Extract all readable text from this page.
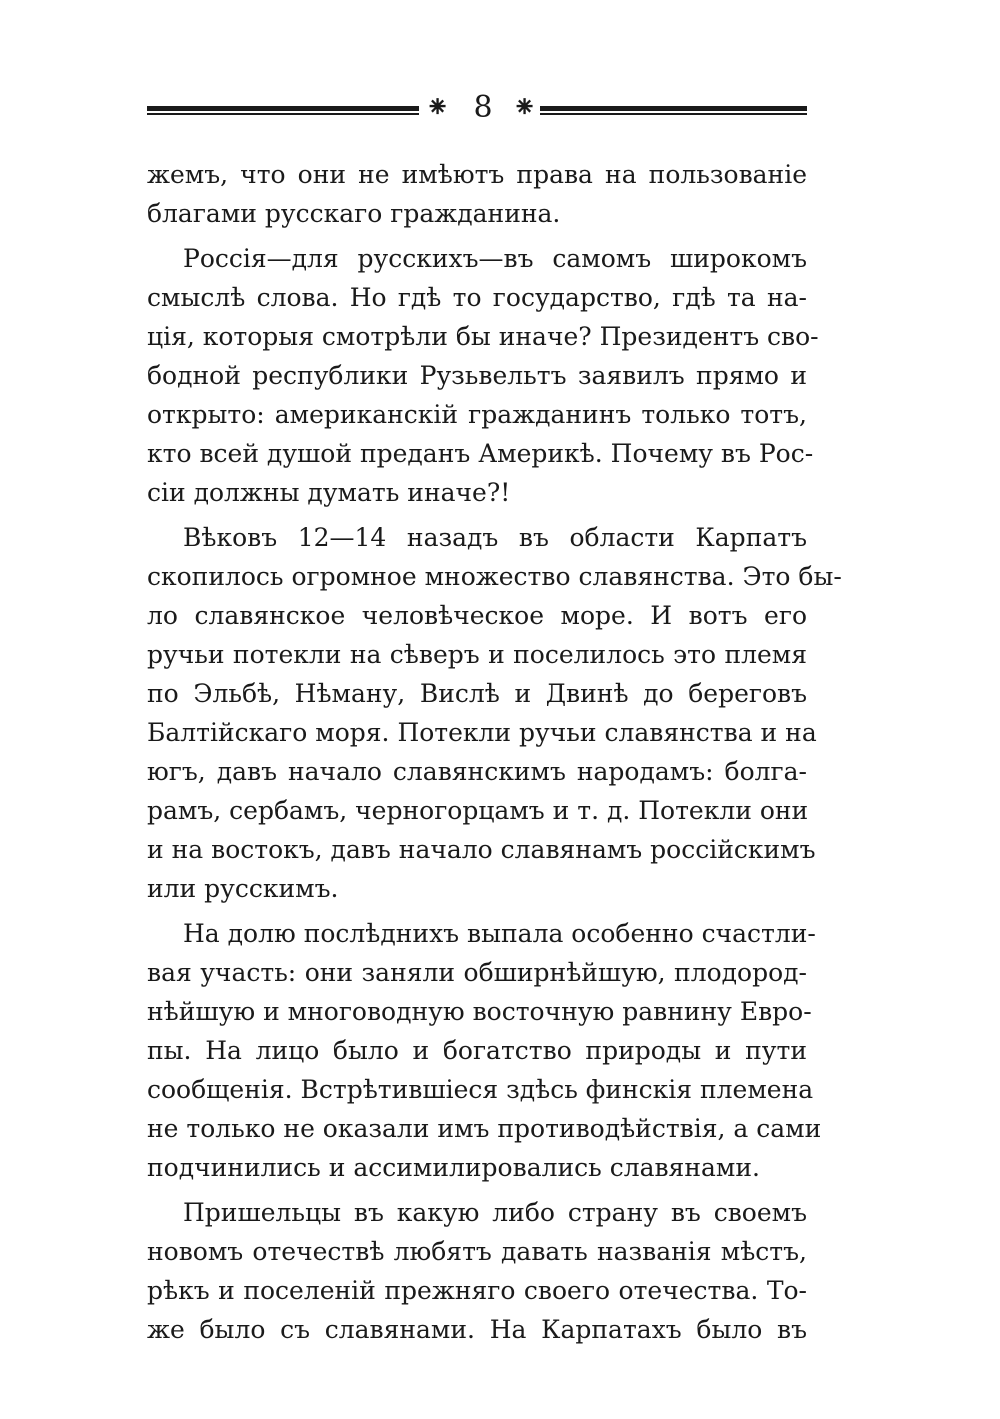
⁕ 8 ⁕

жемъ, что они не имѣютъ права на пользованіе
благами русскаго гражданина.

Россія—для русскихъ—въ самомъ широкомъ
смыслѣ слова. Но гдѣ то государство, гдѣ та на-
ція, которыя смотрѣли бы иначе? Президентъ сво-
бодной республики Рузьвельтъ заявилъ прямо и
открыто: американскій гражданинъ только тотъ,
кто всей душой преданъ Америкѣ. Почему въ Рос-
сіи должны думать иначе?!

Вѣковъ 12—14 назадъ въ области Карпатъ
скопилось огромное множество славянства. Это бы-
ло славянское человѣческое море. И вотъ его
ручьи потекли на сѣверъ и поселилось это племя
по Эльбѣ, Нѣману, Вислѣ и Двинѣ до береговъ
Балтійскаго моря. Потекли ручьи славянства и на
югъ, давъ начало славянскимъ народамъ: болга-
рамъ, сербамъ, черногорцамъ и т. д. Потекли они
и на востокъ, давъ начало славянамъ россійскимъ
или русскимъ.

На долю послѣднихъ выпала особенно счастли-
вая участь: они заняли обширнѣйшую, плодород-
нѣйшую и многоводную восточную равнину Евро-
пы. На лицо было и богатство природы и пути
сообщенія. Встрѣтившіеся здѣсь финскія племена
не только не оказали имъ противодѣйствія, а сами
подчинились и ассимилировались славянами.

Пришельцы въ какую либо страну въ своемъ
новомъ отечествѣ любятъ давать названія мѣстъ,
рѣкъ и поселеній прежняго своего отечества. То-
же было съ славянами. На Карпатахъ было въ
